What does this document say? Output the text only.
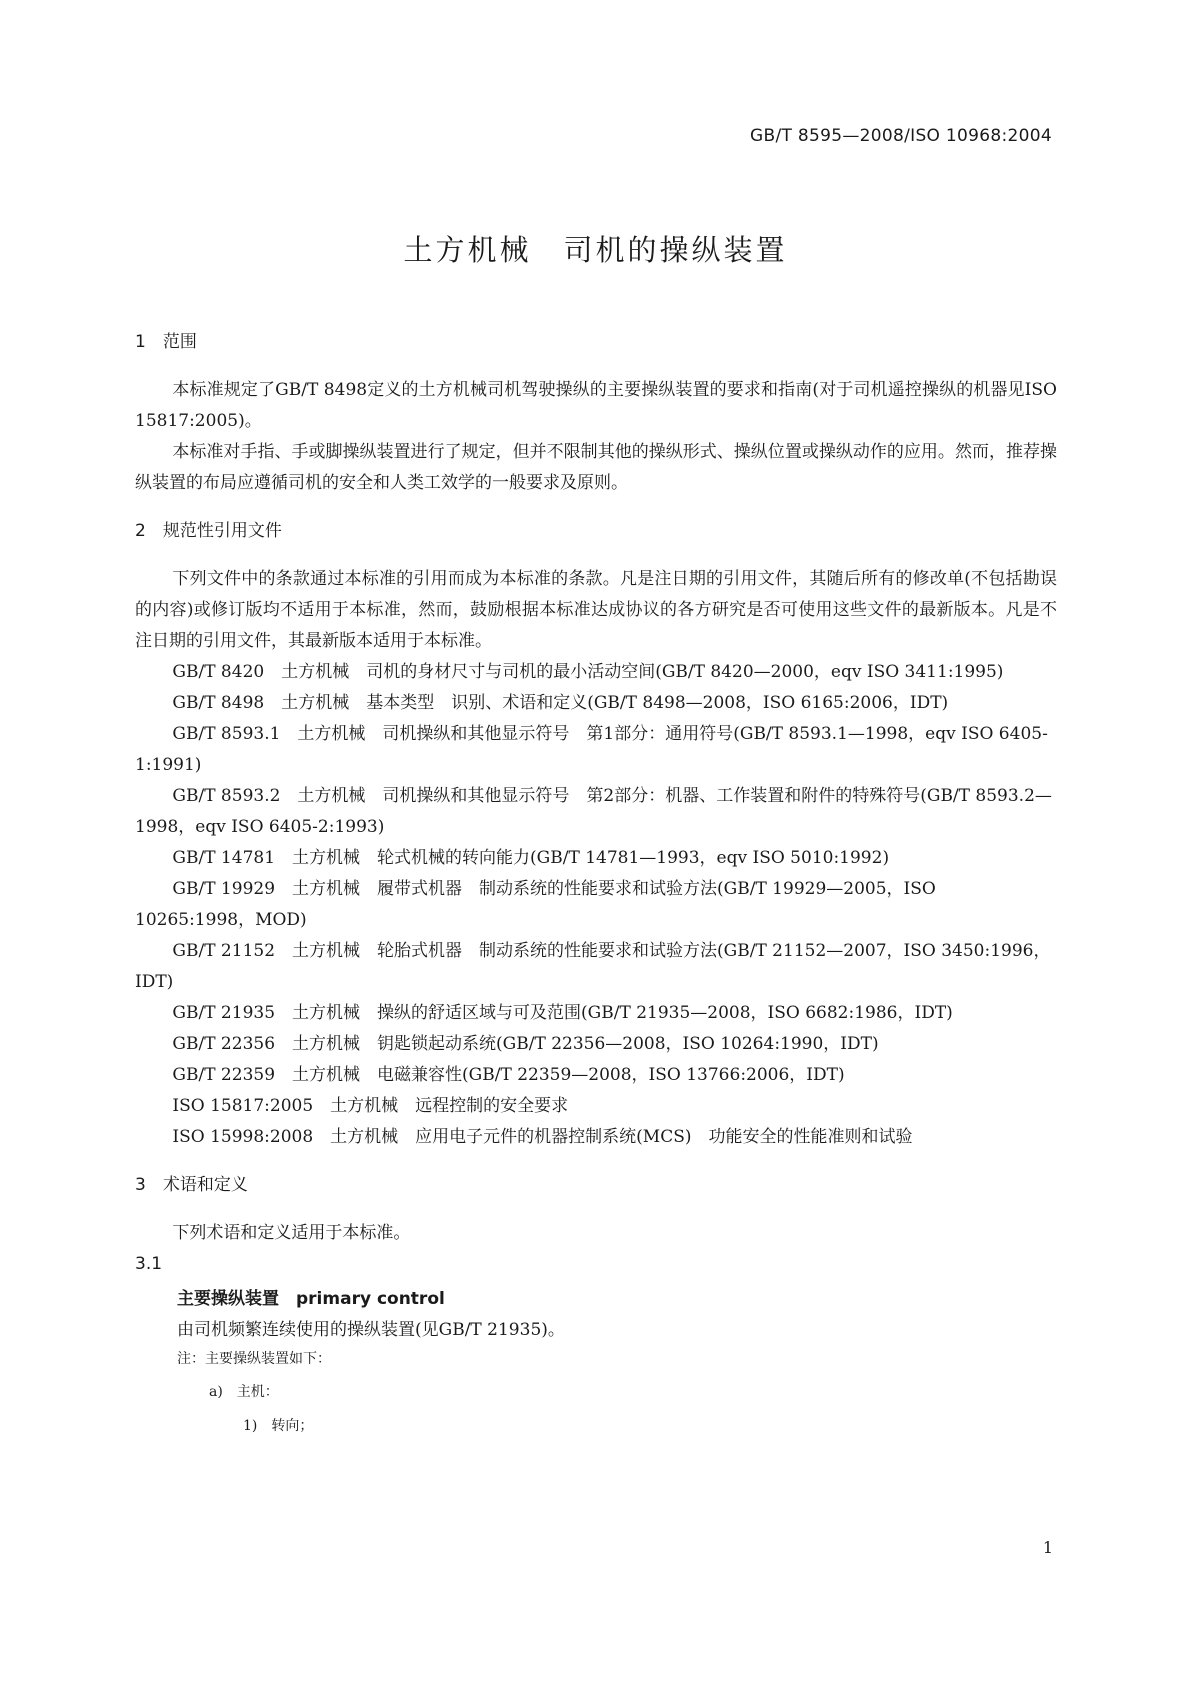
GB/T 8595—2008/ISO 10968:2004
土方机械　司机的操纵装置
1　范围

本标准规定了GB/T 8498定义的土方机械司机驾驶操纵的主要操纵装置的要求和指南(对于司机遥控操纵的机器见ISO 15817:2005)。

本标准对手指、手或脚操纵装置进行了规定，但并不限制其他的操纵形式、操纵位置或操纵动作的应用。然而，推荐操纵装置的布局应遵循司机的安全和人类工效学的一般要求及原则。

2　规范性引用文件

下列文件中的条款通过本标准的引用而成为本标准的条款。凡是注日期的引用文件，其随后所有的修改单(不包括勘误的内容)或修订版均不适用于本标准，然而，鼓励根据本标准达成协议的各方研究是否可使用这些文件的最新版本。凡是不注日期的引用文件，其最新版本适用于本标准。

GB/T 8420　土方机械　司机的身材尺寸与司机的最小活动空间(GB/T 8420—2000，eqv ISO 3411:1995)

GB/T 8498　土方机械　基本类型　识别、术语和定义(GB/T 8498—2008，ISO 6165:2006，IDT)

GB/T 8593.1　土方机械　司机操纵和其他显示符号　第1部分：通用符号(GB/T 8593.1—1998，eqv ISO 6405-1:1991)

GB/T 8593.2　土方机械　司机操纵和其他显示符号　第2部分：机器、工作装置和附件的特殊符号(GB/T 8593.2—1998，eqv ISO 6405-2:1993)

GB/T 14781　土方机械　轮式机械的转向能力(GB/T 14781—1993，eqv ISO 5010:1992)

GB/T 19929　土方机械　履带式机器　制动系统的性能要求和试验方法(GB/T 19929—2005，ISO 10265:1998，MOD)

GB/T 21152　土方机械　轮胎式机器　制动系统的性能要求和试验方法(GB/T 21152—2007，ISO 3450:1996，IDT)

GB/T 21935　土方机械　操纵的舒适区域与可及范围(GB/T 21935—2008，ISO 6682:1986，IDT)

GB/T 22356　土方机械　钥匙锁起动系统(GB/T 22356—2008，ISO 10264:1990，IDT)

GB/T 22359　土方机械　电磁兼容性(GB/T 22359—2008，ISO 13766:2006，IDT)

ISO 15817:2005　土方机械　远程控制的安全要求

ISO 15998:2008　土方机械　应用电子元件的机器控制系统(MCS)　功能安全的性能准则和试验

3　术语和定义

下列术语和定义适用于本标准。

3.1

主要操纵装置　primary control

由司机频繁连续使用的操纵装置(见GB/T 21935)。

注：主要操纵装置如下：

a)　主机：

1)　转向；

1
